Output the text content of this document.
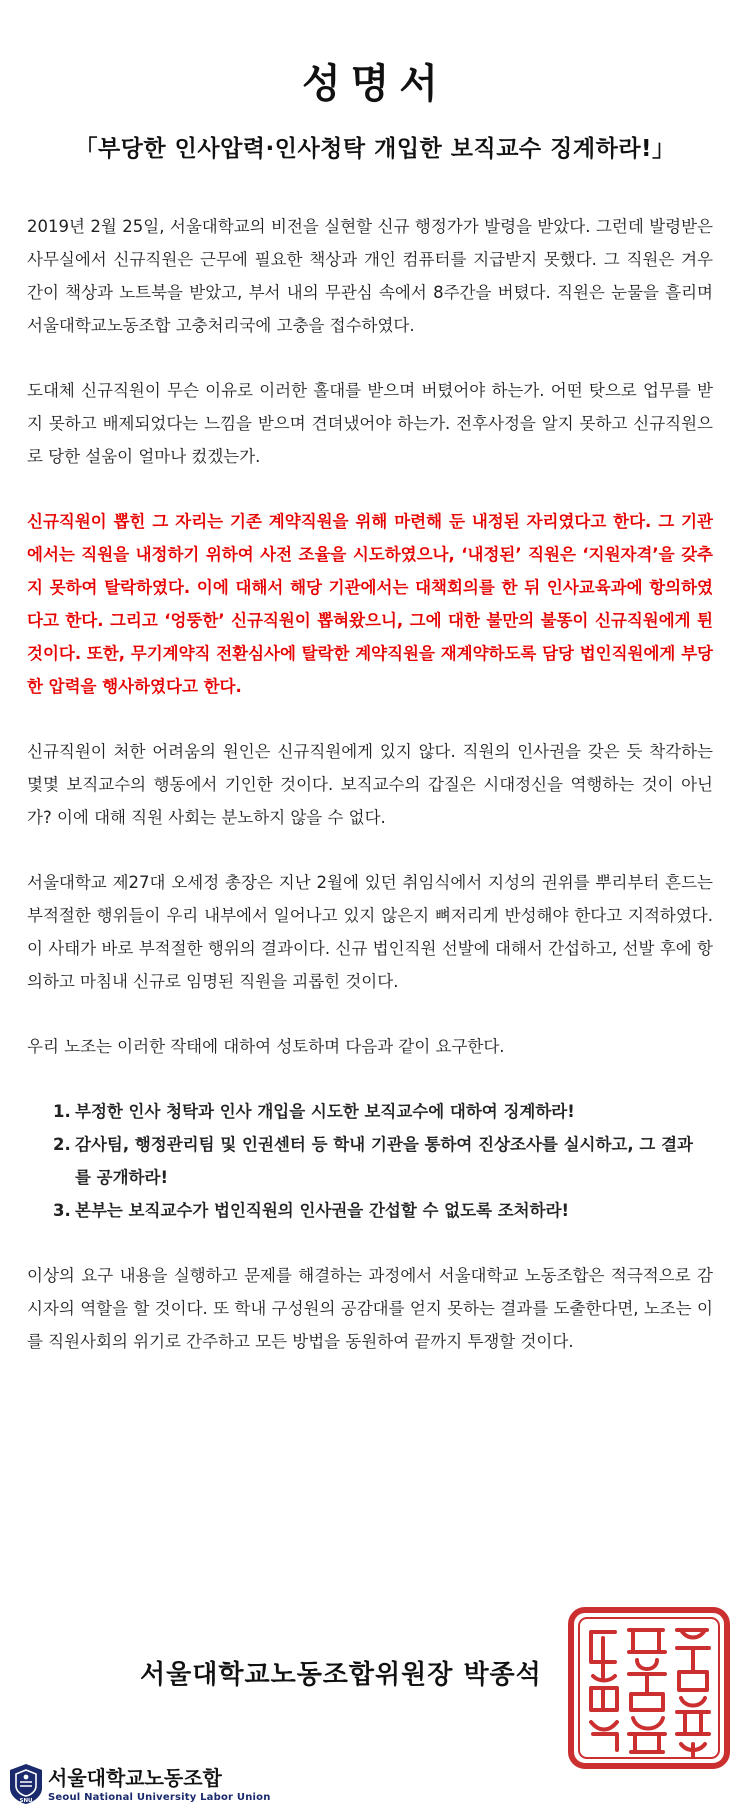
성명서
「부당한 인사압력·인사청탁 개입한 보직교수 징계하라!」

2019년 2월 25일, 서울대학교의 비전을 실현할 신규 행정가가 발령을 받았다. 그런데 발령받은 사무실에서 신규직원은 근무에 필요한 책상과 개인 컴퓨터를 지급받지 못했다. 그 직원은 겨우 간이 책상과 노트북을 받았고, 부서 내의 무관심 속에서 8주간을 버텼다. 직원은 눈물을 흘리며 서울대학교노동조합 고충처리국에 고충을 접수하였다.

도대체 신규직원이 무슨 이유로 이러한 홀대를 받으며 버텼어야 하는가. 어떤 탓으로 업무를 받지 못하고 배제되었다는 느낌을 받으며 견뎌냈어야 하는가. 전후사정을 알지 못하고 신규직원으로 당한 설움이 얼마나 컸겠는가.

신규직원이 뽑힌 그 자리는 기존 계약직원을 위해 마련해 둔 내정된 자리였다고 한다. 그 기관에서는 직원을 내정하기 위하여 사전 조율을 시도하였으나, ‘내정된’ 직원은 ‘지원자격’을 갖추지 못하여 탈락하였다. 이에 대해서 해당 기관에서는 대책회의를 한 뒤 인사교육과에 항의하였다고 한다. 그리고 ‘엉뚱한’ 신규직원이 뽑혀왔으니, 그에 대한 불만의 불똥이 신규직원에게 튄 것이다. 또한, 무기계약직 전환심사에 탈락한 계약직원을 재계약하도록 담당 법인직원에게 부당한 압력을 행사하였다고 한다.

신규직원이 처한 어려움의 원인은 신규직원에게 있지 않다. 직원의 인사권을 갖은 듯 착각하는 몇몇 보직교수의 행동에서 기인한 것이다. 보직교수의 갑질은 시대정신을 역행하는 것이 아닌가? 이에 대해 직원 사회는 분노하지 않을 수 없다.

서울대학교 제27대 오세정 총장은 지난 2월에 있던 취임식에서 지성의 권위를 뿌리부터 흔드는 부적절한 행위들이 우리 내부에서 일어나고 있지 않은지 뼈저리게 반성해야 한다고 지적하였다. 이 사태가 바로 부적절한 행위의 결과이다. 신규 법인직원 선발에 대해서 간섭하고, 선발 후에 항의하고 마침내 신규로 임명된 직원을 괴롭힌 것이다.

우리 노조는 이러한 작태에 대하여 성토하며 다음과 같이 요구한다.

1. 부정한 인사 청탁과 인사 개입을 시도한 보직교수에 대하여 징계하라!
2. 감사팀, 행정관리팀 및 인권센터 등 학내 기관을 통하여 진상조사를 실시하고, 그 결과를 공개하라!
3. 본부는 보직교수가 법인직원의 인사권을 간섭할 수 없도록 조처하라!

이상의 요구 내용을 실행하고 문제를 해결하는 과정에서 서울대학교 노동조합은 적극적으로 감시자의 역할을 할 것이다. 또 학내 구성원의 공감대를 얻지 못하는 결과를 도출한다면, 노조는 이를 직원사회의 위기로 간주하고 모든 방법을 동원하여 끝까지 투쟁할 것이다.

서울대학교노동조합위원장 박종석
SNU
서울대학교노동조합
Seoul National University Labor Union
